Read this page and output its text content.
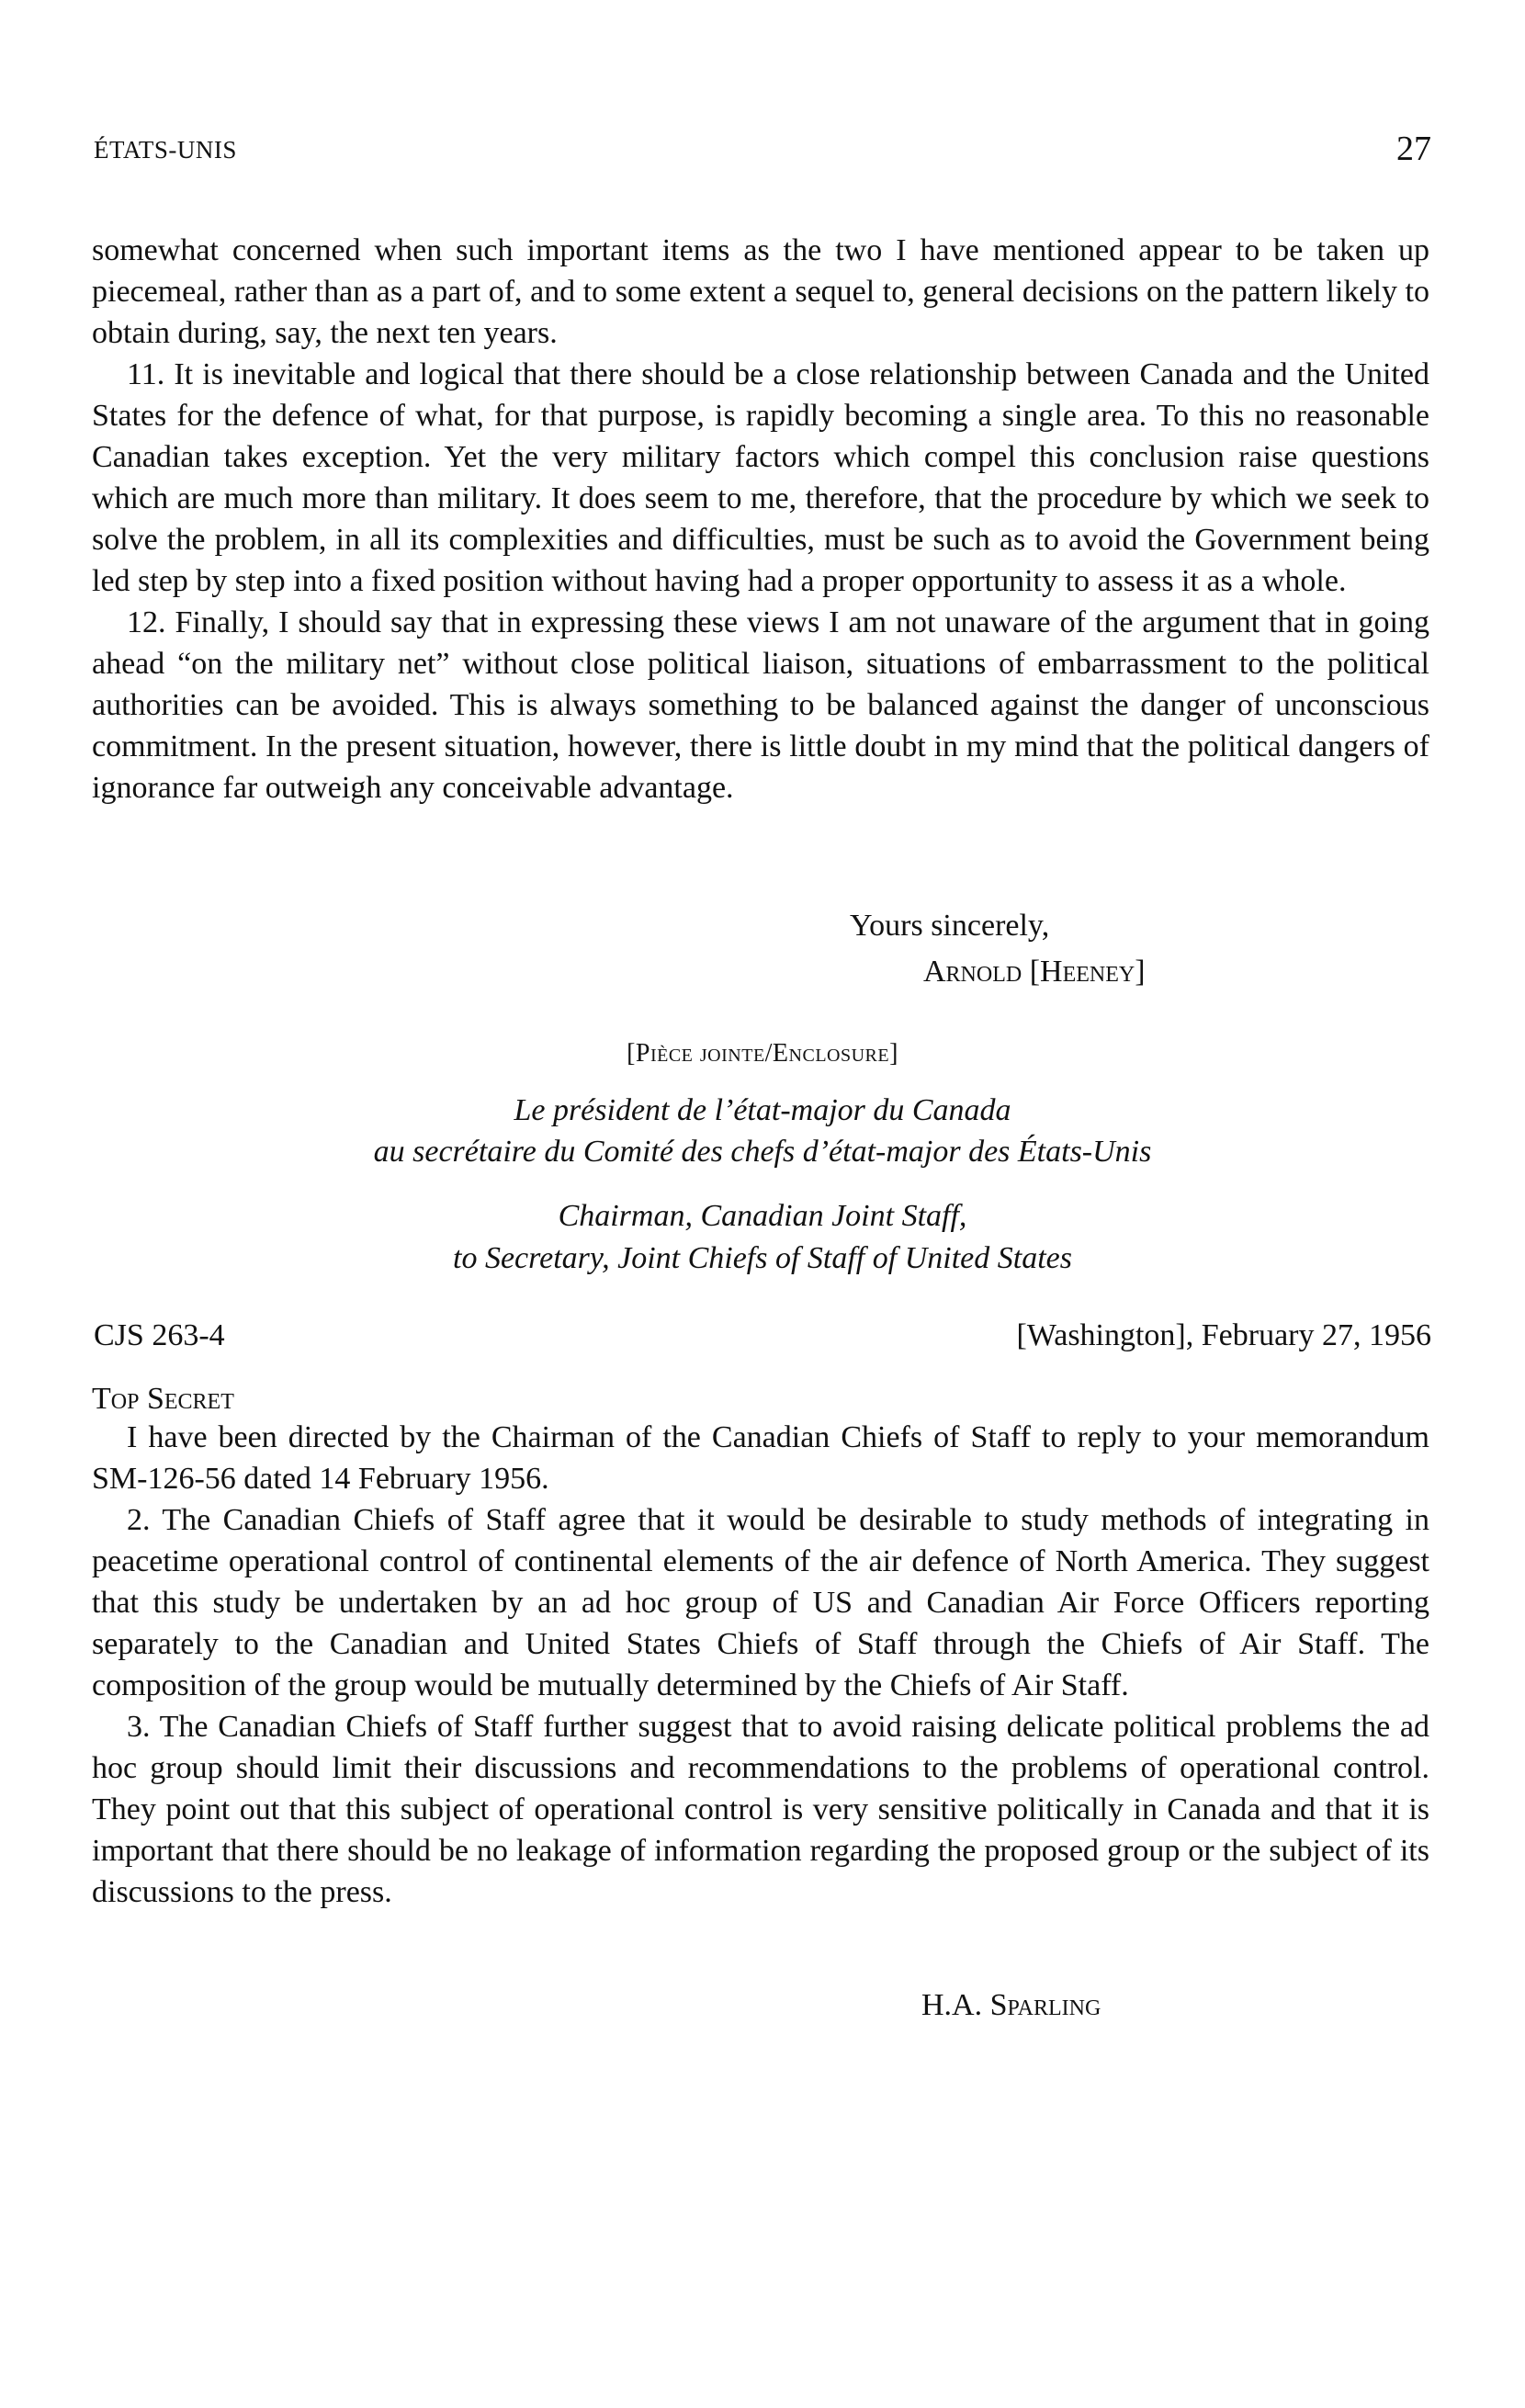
ÉTATS-UNIS	27

somewhat concerned when such important items as the two I have mentioned appear to be taken up piecemeal, rather than as a part of, and to some extent a sequel to, general decisions on the pattern likely to obtain during, say, the next ten years.

11. It is inevitable and logical that there should be a close relationship between Canada and the United States for the defence of what, for that purpose, is rapidly becoming a single area. To this no reasonable Canadian takes exception. Yet the very military factors which compel this conclusion raise questions which are much more than military. It does seem to me, therefore, that the procedure by which we seek to solve the problem, in all its complexities and difficulties, must be such as to avoid the Government being led step by step into a fixed position without having had a proper opportunity to assess it as a whole.

12. Finally, I should say that in expressing these views I am not unaware of the argument that in going ahead “on the military net” without close political liaison, situations of embarrassment to the political authorities can be avoided. This is always something to be balanced against the danger of unconscious commitment. In the present situation, however, there is little doubt in my mind that the political dangers of ignorance far outweigh any conceivable advantage.

Yours sincerely,
Arnold [Heeney]
[Pièce jointe/Enclosure]
Le président de l’état-major du Canada
au secrétaire du Comité des chefs d’état-major des États-Unis
Chairman, Canadian Joint Staff,
to Secretary, Joint Chiefs of Staff of United States
CJS 263-4	[Washington], February 27, 1956
Top Secret

I have been directed by the Chairman of the Canadian Chiefs of Staff to reply to your memorandum SM-126-56 dated 14 February 1956.

2. The Canadian Chiefs of Staff agree that it would be desirable to study methods of integrating in peacetime operational control of continental elements of the air defence of North America. They suggest that this study be undertaken by an ad hoc group of US and Canadian Air Force Officers reporting separately to the Canadian and United States Chiefs of Staff through the Chiefs of Air Staff. The composition of the group would be mutually determined by the Chiefs of Air Staff.

3. The Canadian Chiefs of Staff further suggest that to avoid raising delicate political problems the ad hoc group should limit their discussions and recommendations to the problems of operational control. They point out that this subject of operational control is very sensitive politically in Canada and that it is important that there should be no leakage of information regarding the proposed group or the subject of its discussions to the press.

H.A. Sparling
